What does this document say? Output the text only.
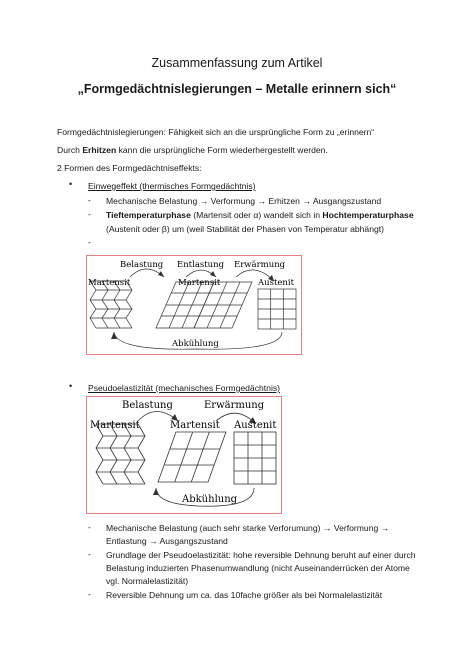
Zusammenfassung zum Artikel
„Formgedächtnislegierungen – Metalle erinnern sich“
Formgedächtnislegierungen: Fähigkeit sich an die ursprüngliche Form zu „erinnern“
Durch Erhitzen kann die ursprüngliche Form wiederhergestellt werden.
2 Formen des Formgedächtniseffekts:
• Einwegeffekt (thermisches Formgedächtnis)
- Mechanische Belastung → Verformung → Erhitzen → Ausgangszustand
- Tieftemperaturphase (Martensit oder α) wandelt sich in Hochtemperaturphase
(Austenit oder β) um (weil Stabilität der Phasen von Temperatur abhängt)
-
Belastung Entlastung Erwärmung
Martensit	Martensit	Austenit
Abkühlung
• Pseudoelastizität (mechanisches Formgedächtnis)
Belastung	Erwärmung
Martensit	Martensit Austenit
Abkühlung
- Mechanische Belastung (auch sehr starke Verforumung) → Verformung →
Entlastung → Ausgangszustand
- Grundlage der Pseudoelastizität: hohe reversible Dehnung beruht auf einer durch
Belastung induzierten Phasenumwandlung (nicht Auseinanderrücken der Atome
vgl. Normalelastizität)
- Reversible Dehnung um ca. das 10fache größer als bei Normalelastizität
